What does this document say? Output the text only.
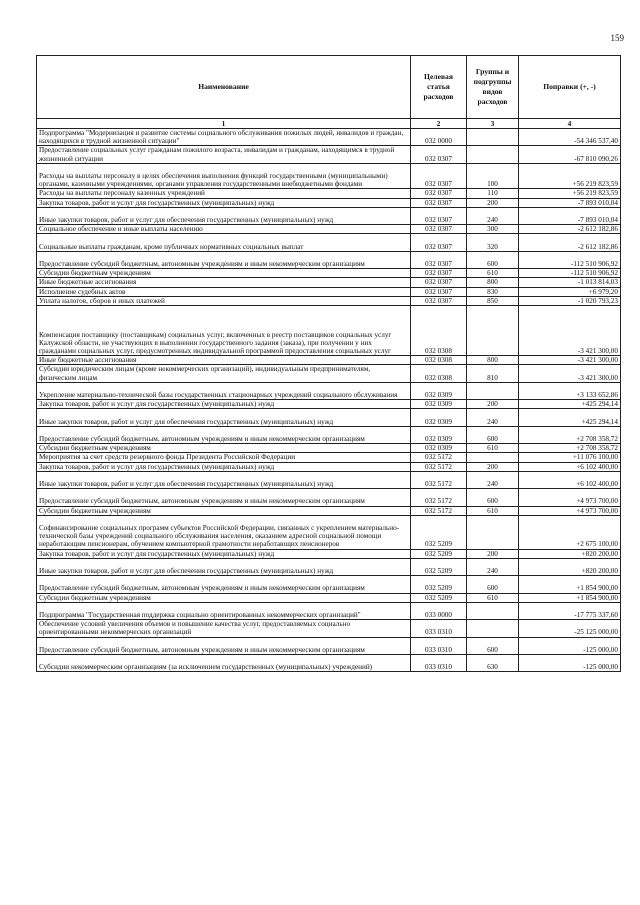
159
Наименование	Целевая статья расходов	Группы и подгруппы видов расходов	Поправки (+, -)
1	2	3	4
Подпрограмма "Модернизация и развитие системы социального обслуживания пожилых людей, инвалидов и граждан, находящихся в трудной жизненной ситуации"	032 0000		-54 346 537,40
Предоставление социальных услуг гражданам пожилого возраста, инвалидам и гражданам, находящимся в трудной жизненной ситуации	032 0307		-67 810 090,26
Расходы на выплаты персоналу в целях обеспечения выполнения функций государственными (муниципальными) органами, казенными учреждениями, органами управления государственными внебюджетными фондами	032 0307	100	+56 219 823,59
Расходы на выплаты персоналу казенных учреждений	032 0307	110	+56 219 823,59
Закупка товаров, работ и услуг для государственных (муниципальных) нужд	032 0307	200	-7 893 010,04
Иные закупки товаров, работ и услуг для обеспечения государственных (муниципальных) нужд	032 0307	240	-7 893 010,04
Социальное обеспечение и иные выплаты населению	032 0307	300	-2 612 182,86
Социальные выплаты гражданам, кроме публичных нормативных социальных выплат	032 0307	320	-2 612 182,86
Предоставление субсидий бюджетным, автономным учреждениям и иным некоммерческим организациям	032 0307	600	-112 510 906,92
Субсидии бюджетным учреждениям	032 0307	610	-112 510 906,92
Иные бюджетные ассигнования	032 0307	800	-1 013 814,03
Исполнение судебных актов	032 0307	830	+6 979,20
Уплата налогов, сборов и иных платежей	032 0307	850	-1 020 793,23
Компенсация поставщику (поставщикам) социальных услуг, включенных в реестр поставщиков социальных услуг Калужской области, не участвующих в выполнении государственного задания (заказа), при получении у них гражданами социальных услуг, предусмотренных индивидуальной программой предоставления социальных услуг	032 0308		-3 421 300,00
Иные бюджетные ассигнования	032 0308	800	-3 421 300,00
Субсидии юридическим лицам (кроме некоммерческих организаций), индивидуальным предпринимателям, физическим лицам	032 0308	810	-3 421 300,00
Укрепление материально-технической базы государственных стационарных учреждений социального обслуживания	032 0309		+3 133 652,86
Закупка товаров, работ и услуг для государственных (муниципальных) нужд	032 0309	200	+425 294,14
Иные закупки товаров, работ и услуг для обеспечения государственных (муниципальных) нужд	032 0309	240	+425 294,14
Предоставление субсидий бюджетным, автономным учреждениям и иным некоммерческим организациям	032 0309	600	+2 708 358,72
Субсидии бюджетным учреждениям	032 0309	610	+2 708 358,72
Мероприятия за счет средств резервного фонда Президента Российской Федерации	032 5172		+11 076 100,00
Закупка товаров, работ и услуг для государственных (муниципальных) нужд	032 5172	200	+6 102 400,00
Иные закупки товаров, работ и услуг для обеспечения государственных (муниципальных) нужд	032 5172	240	+6 102 400,00
Предоставление субсидий бюджетным, автономным учреждениям и иным некоммерческим организациям	032 5172	600	+4 973 700,00
Субсидии бюджетным учреждениям	032 5172	610	+4 973 700,00
Софинансирование социальных программ субъектов Российской Федерации, связанных с укреплением материально-технической базы учреждений социального обслуживания населения, оказанием адресной социальной помощи неработающим пенсионерам, обучением компьютерной грамотности неработающих пенсионеров	032 5209		+2 675 100,00
Закупка товаров, работ и услуг для государственных (муниципальных) нужд	032 5209	200	+820 200,00
Иные закупки товаров, работ и услуг для обеспечения государственных (муниципальных) нужд	032 5209	240	+820 200,00
Предоставление субсидий бюджетным, автономным учреждениям и иным некоммерческим организациям	032 5209	600	+1 854 900,00
Субсидии бюджетным учреждениям	032 5209	610	+1 854 900,00
Подпрограмма "Государственная поддержка социально ориентированных некоммерческих организаций"	033 0000		-17 775 337,60
Обеспечение условий увеличения объемов и повышение качества услуг, предоставляемых социально ориентированными некоммерческих организаций	033 0310		-25 125 000,00
Предоставление субсидий бюджетным, автономным учреждениям и иным некоммерческим организациям	033 0310	600	-125 000,00
Субсидии некоммерческим организациям (за исключением государственных (муниципальных) учреждений)	033 0310	630	-125 000,00
